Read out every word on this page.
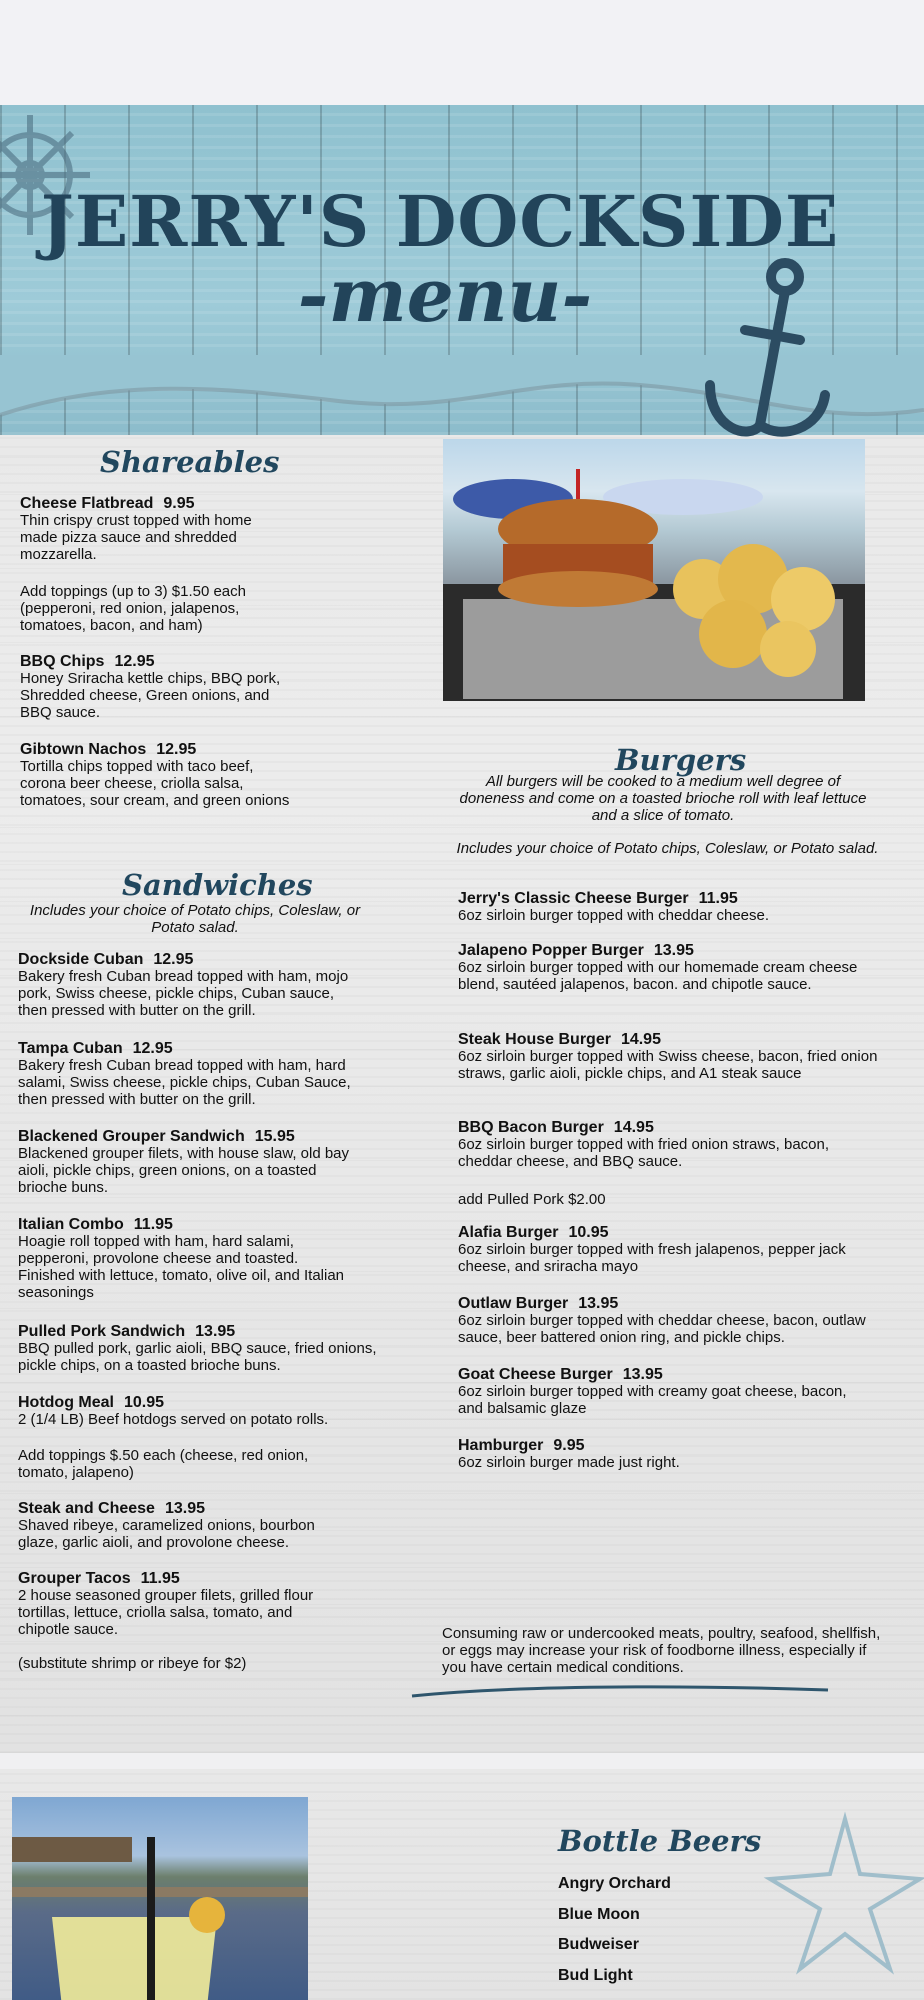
JERRY'S DOCKSIDE
-menu-
Shareables
Cheese Flatbread 9.95
Thin crispy crust topped with home made pizza sauce and shredded mozzarella.
Add toppings (up to 3) $1.50 each (pepperoni, red onion, jalapenos, tomatoes, bacon, and ham)
BBQ Chips 12.95
Honey Sriracha kettle chips, BBQ pork, Shredded cheese, Green onions, and BBQ sauce.
Gibtown Nachos 12.95
Tortilla chips topped with taco beef, corona beer cheese, criolla salsa, tomatoes, sour cream, and green onions
Sandwiches
Includes your choice of Potato chips, Coleslaw, or Potato salad.
Dockside Cuban 12.95
Bakery fresh Cuban bread topped with ham, mojo pork, Swiss cheese, pickle chips, Cuban sauce, then pressed with butter on the grill.
Tampa Cuban 12.95
Bakery fresh Cuban bread topped with ham, hard salami, Swiss cheese, pickle chips, Cuban Sauce, then pressed with butter on the grill.
Blackened Grouper Sandwich 15.95
Blackened grouper filets, with house slaw, old bay aioli, pickle chips, green onions, on a toasted brioche buns.
Italian Combo 11.95
Hoagie roll topped with ham, hard salami, pepperoni, provolone cheese and toasted. Finished with lettuce, tomato, olive oil, and Italian seasonings
Pulled Pork Sandwich 13.95
BBQ pulled pork, garlic aioli, BBQ sauce, fried onions, pickle chips, on a toasted brioche buns.
Hotdog Meal 10.95
2 (1/4 LB) Beef hotdogs served on potato rolls.
Add toppings $.50 each (cheese, red onion, tomato, jalapeno)
Steak and Cheese 13.95
Shaved ribeye, caramelized onions, bourbon glaze, garlic aioli, and provolone cheese.
Grouper Tacos 11.95
2 house seasoned grouper filets, grilled flour tortillas, lettuce, criolla salsa, tomato, and chipotle sauce.
(substitute shrimp or ribeye for $2)
Burgers
All burgers will be cooked to a medium well degree of doneness and come on a toasted brioche roll with leaf lettuce and a slice of tomato.
Includes your choice of Potato chips, Coleslaw, or Potato salad.
Jerry's Classic Cheese Burger 11.95
6oz sirloin burger topped with cheddar cheese.
Jalapeno Popper Burger 13.95
6oz sirloin burger topped with our homemade cream cheese blend, sautéed jalapenos, bacon. and chipotle sauce.
Steak House Burger 14.95
6oz sirloin burger topped with Swiss cheese, bacon, fried onion straws, garlic aioli, pickle chips, and A1 steak sauce
BBQ Bacon Burger 14.95
6oz sirloin burger topped with fried onion straws, bacon, cheddar cheese, and BBQ sauce.
add Pulled Pork $2.00
Alafia Burger 10.95
6oz sirloin burger topped with fresh jalapenos, pepper jack cheese, and sriracha mayo
Outlaw Burger 13.95
6oz sirloin burger topped with cheddar cheese, bacon, outlaw sauce, beer battered onion ring, and pickle chips.
Goat Cheese Burger 13.95
6oz sirloin burger topped with creamy goat cheese, bacon, and balsamic glaze
Hamburger 9.95
6oz sirloin burger made just right.
Consuming raw or undercooked meats, poultry, seafood, shellfish, or eggs may increase your risk of foodborne illness, especially if you have certain medical conditions.
Bottle Beers
Angry Orchard
Blue Moon
Budweiser
Bud Light
